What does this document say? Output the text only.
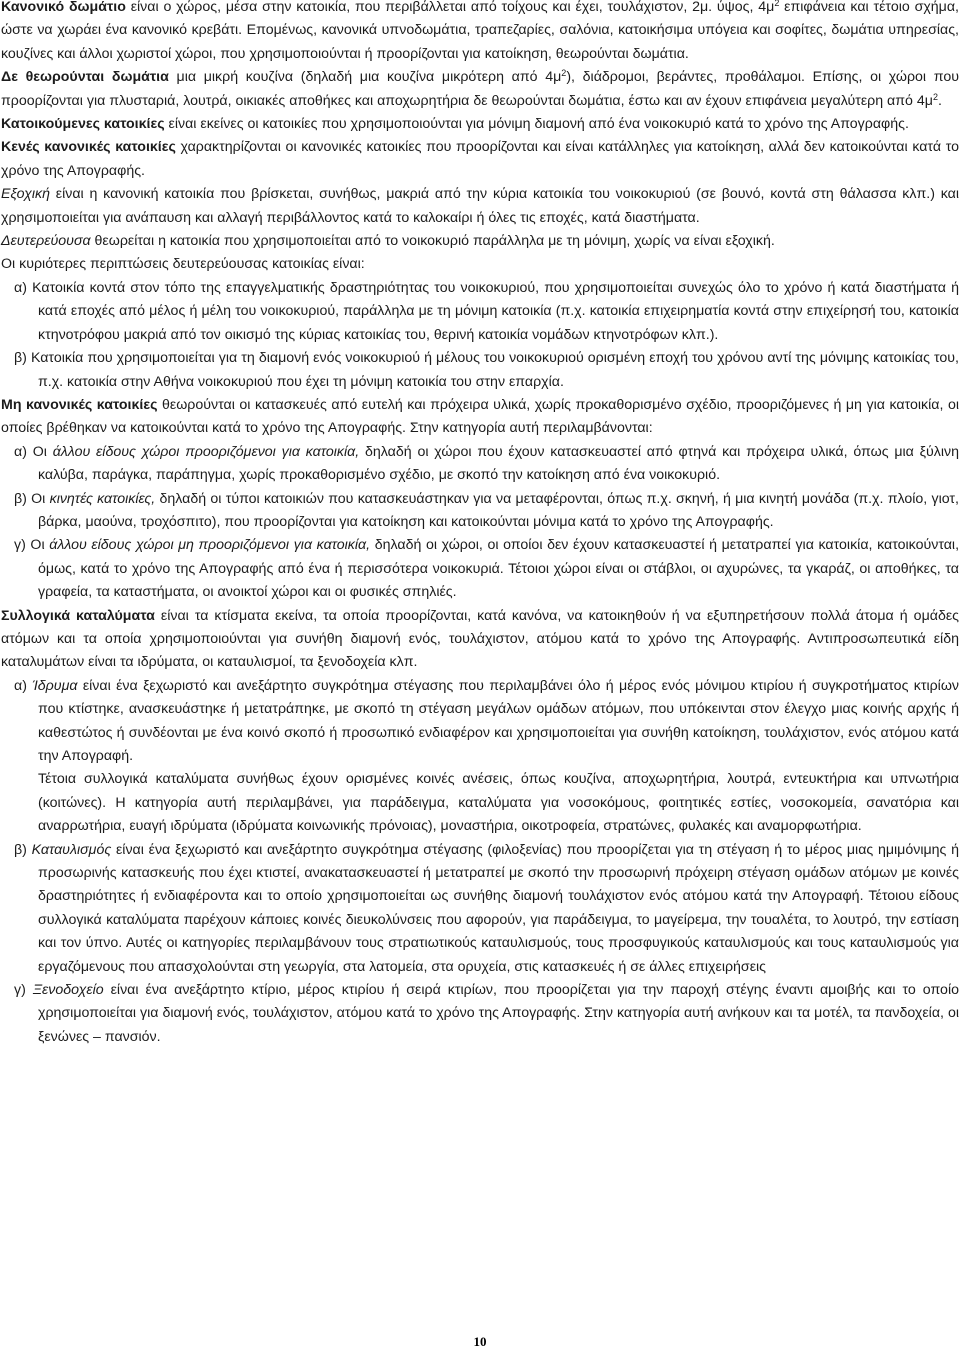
Κανονικό δωμάτιο είναι ο χώρος, μέσα στην κατοικία, που περιβάλλεται από τοίχους και έχει, τουλάχιστον, 2μ. ύψος, $4\mu^2$ επιφάνεια και τέτοιο σχήμα, ώστε να χωράει ένα κανονικό κρεβάτι. Επομένως, κανονικά υπνοδωμάτια, τραπεζαρίες, σαλόνια, κατοικήσιμα υπόγεια και σοφίτες, δωμάτια υπηρεσίας, κουζίνες και άλλοι χωριστοί χώροι, που χρησιμοποιούνται ή προορίζονται για κατοίκηση, θεωρούνται δωμάτια.

Δε θεωρούνται δωμάτια μια μικρή κουζίνα (δηλαδή μια κουζίνα μικρότερη από $4\mu^2$), διάδρομοι, βεράντες, προθάλαμοι. Επίσης, οι χώροι που προορίζονται για πλυσταριά, λουτρά, οικιακές αποθήκες και αποχωρητήρια δε θεωρούνται δωμάτια, έστω και αν έχουν επιφάνεια μεγαλύτερη από $4\mu^2$.

Κατοικούμενες κατοικίες είναι εκείνες οι κατοικίες που χρησιμοποιούνται για μόνιμη διαμονή από ένα νοικοκυριό κατά το χρόνο της Απογραφής.

Κενές κανονικές κατοικίες χαρακτηρίζονται οι κανονικές κατοικίες που προορίζονται και είναι κατάλληλες για κατοίκηση, αλλά δεν κατοικούνται κατά το χρόνο της Απογραφής.

Εξοχική είναι η κανονική κατοικία που βρίσκεται, συνήθως, μακριά από την κύρια κατοικία του νοικοκυριού (σε βουνό, κοντά στη θάλασσα κλπ.) και χρησιμοποιείται για ανάπαυση και αλλαγή περιβάλλοντος κατά το καλοκαίρι ή όλες τις εποχές, κατά διαστήματα.

Δευτερεύουσα θεωρείται η κατοικία που χρησιμοποιείται από το νοικοκυριό παράλληλα με τη μόνιμη, χωρίς να είναι εξοχική.

Οι κυριότερες περιπτώσεις δευτερεύουσας κατοικίας είναι:

α) Κατοικία κοντά στον τόπο της επαγγελματικής δραστηριότητας του νοικοκυριού, που χρησιμοποιείται συνεχώς όλο το χρόνο ή κατά διαστήματα ή κατά εποχές από μέλος ή μέλη του νοικοκυριού, παράλληλα με τη μόνιμη κατοικία (π.χ. κατοικία επιχειρηματία κοντά στην επιχείρησή του, κατοικία κτηνοτρόφου μακριά από τον οικισμό της κύριας κατοικίας του, θερινή κατοικία νομάδων κτηνοτρόφων κλπ.).

β) Κατοικία που χρησιμοποιείται για τη διαμονή ενός νοικοκυριού ή μέλους του νοικοκυριού ορισμένη εποχή του χρόνου αντί της μόνιμης κατοικίας του, π.χ. κατοικία στην Αθήνα νοικοκυριού που έχει τη μόνιμη κατοικία του στην επαρχία.

Μη κανονικές κατοικίες θεωρούνται οι κατασκευές από ευτελή και πρόχειρα υλικά, χωρίς προκαθορισμένο σχέδιο, προοριζόμενες ή μη για κατοικία, οι οποίες βρέθηκαν να κατοικούνται κατά το χρόνο της Απογραφής. Στην κατηγορία αυτή περιλαμβάνονται:

α) Οι άλλου είδους χώροι προοριζόμενοι για κατοικία, δηλαδή οι χώροι που έχουν κατασκευαστεί από φτηνά και πρόχειρα υλικά, όπως μια ξύλινη καλύβα, παράγκα, παράπηγμα, χωρίς προκαθορισμένο σχέδιο, με σκοπό την κατοίκηση από ένα νοικοκυριό.

β) Οι κινητές κατοικίες, δηλαδή οι τύποι κατοικιών που κατασκευάστηκαν για να μεταφέρονται, όπως π.χ. σκηνή, ή μια κινητή μονάδα (π.χ. πλοίο, γιοτ, βάρκα, μαούνα, τροχόσπιτο), που προορίζονται για κατοίκηση και κατοικούνται μόνιμα κατά το χρόνο της Απογραφής.

γ) Οι άλλου είδους χώροι μη προοριζόμενοι για κατοικία, δηλαδή οι χώροι, οι οποίοι δεν έχουν κατασκευαστεί ή μετατραπεί για κατοικία, κατοικούνται, όμως, κατά το χρόνο της Απογραφής από ένα ή περισσότερα νοικοκυριά. Τέτοιοι χώροι είναι οι στάβλοι, οι αχυρώνες, τα γκαράζ, οι αποθήκες, τα γραφεία, τα καταστήματα, οι ανοικτοί χώροι και οι φυσικές σπηλιές.

Συλλογικά καταλύματα είναι τα κτίσματα εκείνα, τα οποία προορίζονται, κατά κανόνα, να κατοικηθούν ή να εξυπηρετήσουν πολλά άτομα ή ομάδες ατόμων και τα οποία χρησιμοποιούνται για συνήθη διαμονή ενός, τουλάχιστον, ατόμου κατά το χρόνο της Απογραφής. Αντιπροσωπευτικά είδη καταλυμάτων είναι τα ιδρύματα, οι καταυλισμοί, τα ξενοδοχεία κλπ.

α) Ίδρυμα είναι ένα ξεχωριστό και ανεξάρτητο συγκρότημα στέγασης που περιλαμβάνει όλο ή μέρος ενός μόνιμου κτιρίου ή συγκροτήματος κτιρίων που κτίστηκε, ανασκευάστηκε ή μετατράπηκε, με σκοπό τη στέγαση μεγάλων ομάδων ατόμων, που υπόκεινται στον έλεγχο μιας κοινής αρχής ή καθεστώτος ή συνδέονται με ένα κοινό σκοπό ή προσωπικό ενδιαφέρον και χρησιμοποιείται για συνήθη κατοίκηση, τουλάχιστον, ενός ατόμου κατά την Απογραφή.

Τέτοια συλλογικά καταλύματα συνήθως έχουν ορισμένες κοινές ανέσεις, όπως κουζίνα, αποχωρητήρια, λουτρά, εντευκτήρια και υπνωτήρια (κοιτώνες). Η κατηγορία αυτή περιλαμβάνει, για παράδειγμα, καταλύματα για νοσοκόμους, φοιτητικές εστίες, νοσοκομεία, σανατόρια και αναρρωτήρια, ευαγή ιδρύματα (ιδρύματα κοινωνικής πρόνοιας), μοναστήρια, οικοτροφεία, στρατώνες, φυλακές και αναμορφωτήρια.

β) Καταυλισμός είναι ένα ξεχωριστό και ανεξάρτητο συγκρότημα στέγασης (φιλοξενίας) που προορίζεται για τη στέγαση ή το μέρος μιας ημιμόνιμης ή προσωρινής κατασκευής που έχει κτιστεί, ανακατασκευαστεί ή μετατραπεί με σκοπό την προσωρινή πρόχειρη στέγαση ομάδων ατόμων με κοινές δραστηριότητες ή ενδιαφέροντα και το οποίο χρησιμοποιείται ως συνήθης διαμονή τουλάχιστον ενός ατόμου κατά την Απογραφή. Τέτοιου είδους συλλογικά καταλύματα παρέχουν κάποιες κοινές διευκολύνσεις που αφορούν, για παράδειγμα, το μαγείρεμα, την τουαλέτα, το λουτρό, την εστίαση και τον ύπνο. Αυτές οι κατηγορίες περιλαμβάνουν τους στρατιωτικούς καταυλισμούς, τους προσφυγικούς καταυλισμούς και τους καταυλισμούς για εργαζόμενους που απασχολούνται στη γεωργία, στα λατομεία, στα ορυχεία, στις κατασκευές ή σε άλλες επιχειρήσεις

γ) Ξενοδοχείο είναι ένα ανεξάρτητο κτίριο, μέρος κτιρίου ή σειρά κτιρίων, που προορίζεται για την παροχή στέγης έναντι αμοιβής και το οποίο χρησιμοποιείται για διαμονή ενός, τουλάχιστον, ατόμου κατά το χρόνο της Απογραφής. Στην κατηγορία αυτή ανήκουν και τα μοτέλ, τα πανδοχεία, οι ξενώνες – πανσιόν.

10
